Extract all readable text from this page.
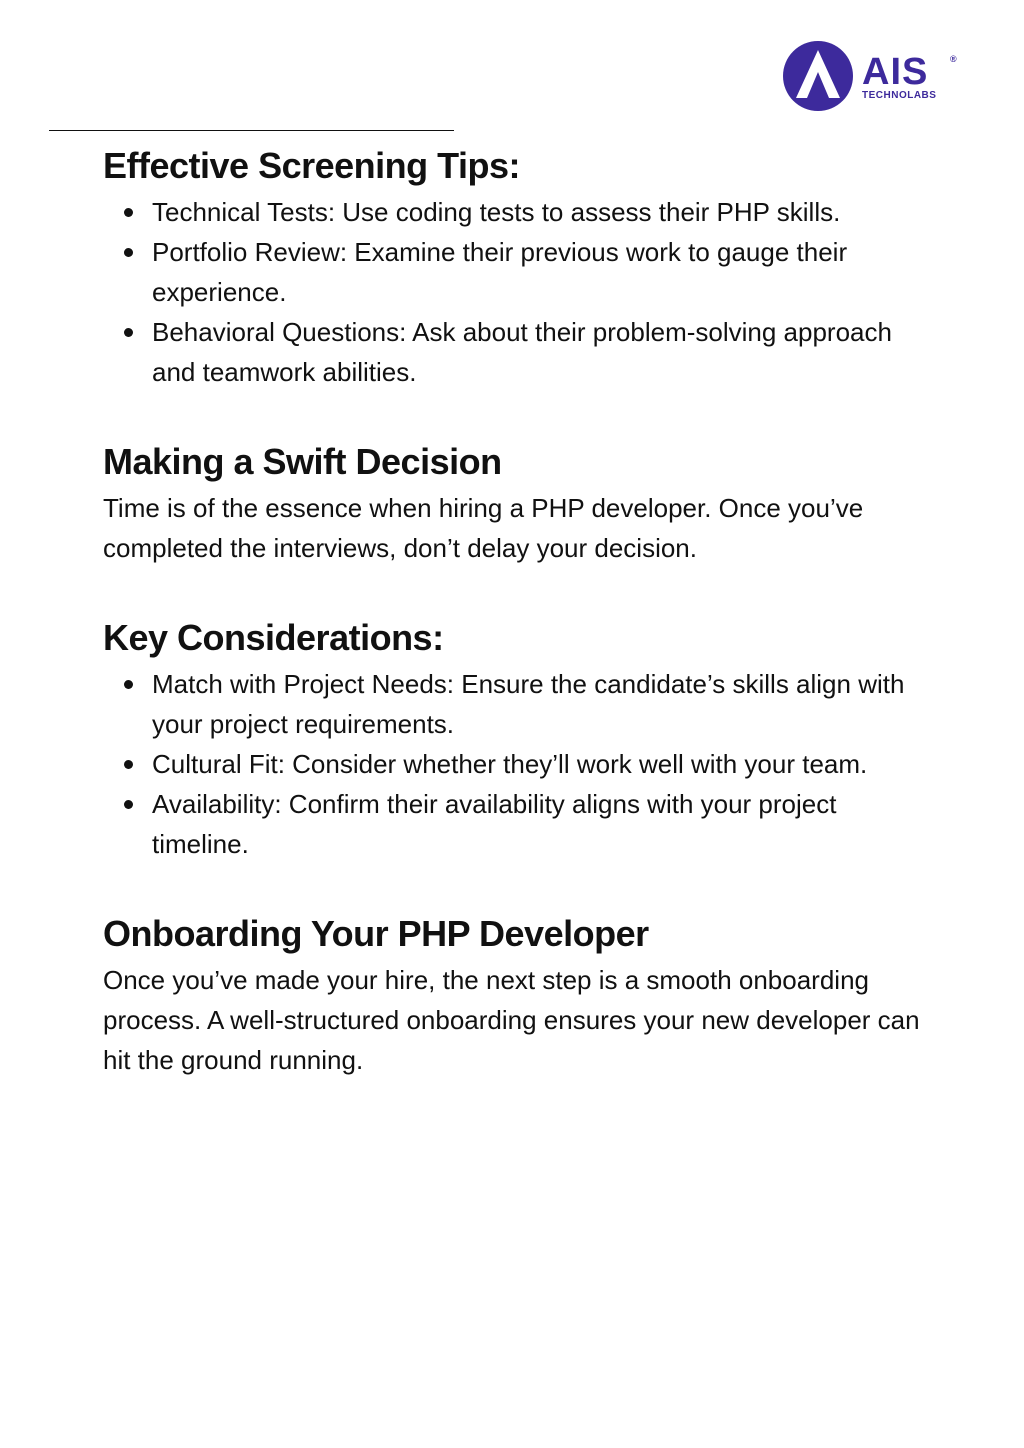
AIS ®
TECHNOLABS
Effective Screening Tips:
Technical Tests: Use coding tests to assess their PHP skills.
Portfolio Review: Examine their previous work to gauge their experience.
Behavioral Questions: Ask about their problem-solving approach and teamwork abilities.
Making a Swift Decision

Time is of the essence when hiring a PHP developer. Once you’ve completed the interviews, don’t delay your decision.

Key Considerations:
Match with Project Needs: Ensure the candidate’s skills align with your project requirements.
Cultural Fit: Consider whether they’ll work well with your team.
Availability: Confirm their availability aligns with your project timeline.
Onboarding Your PHP Developer

Once you’ve made your hire, the next step is a smooth onboarding process. A well-structured onboarding ensures your new developer can hit the ground running.
